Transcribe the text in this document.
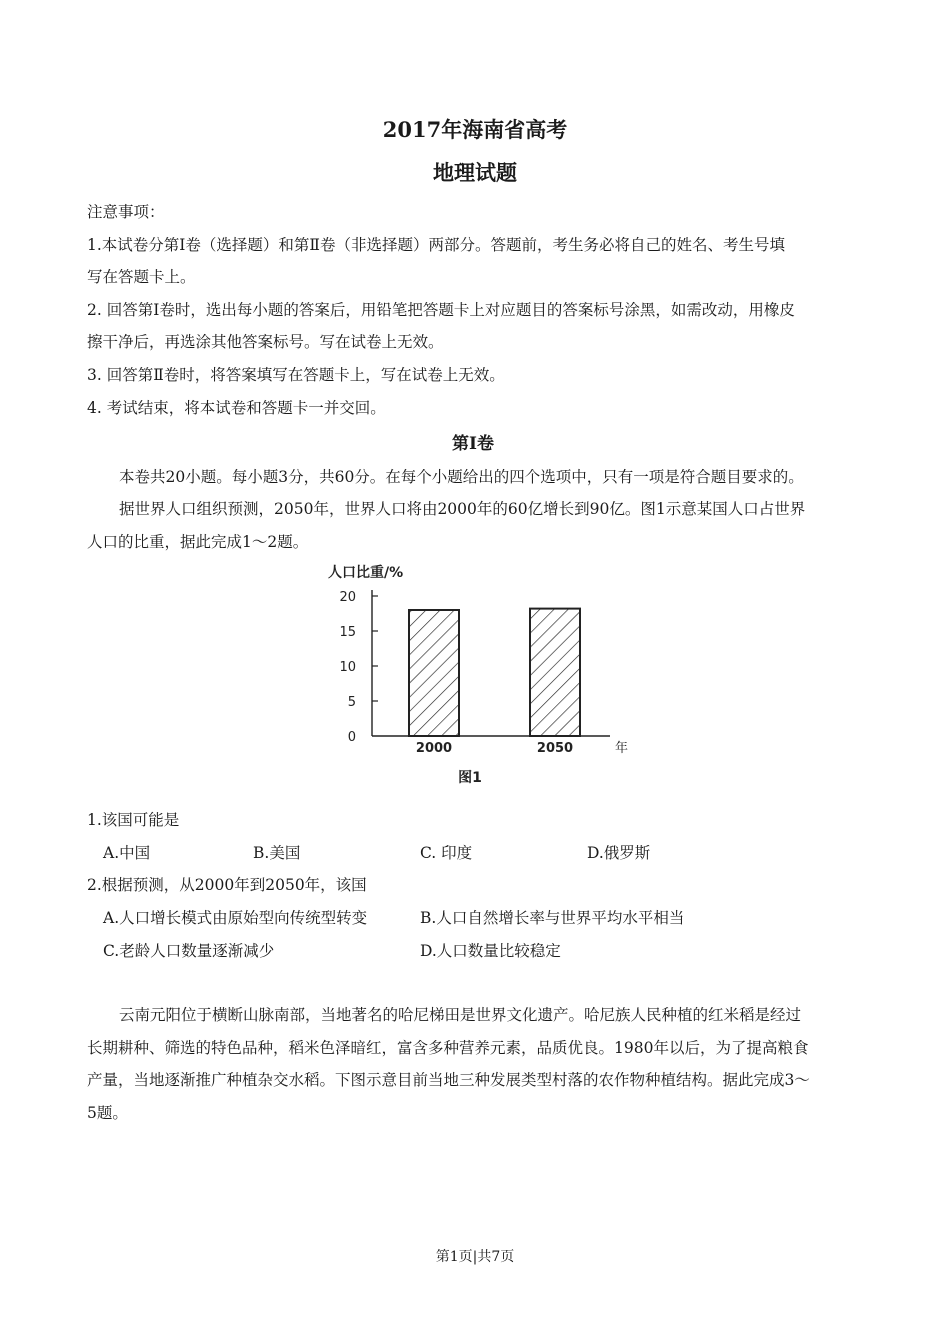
2017年海南省高考
地理试题
注意事项：
1.本试卷分第Ⅰ卷（选择题）和第Ⅱ卷（非选择题）两部分。答题前，考生务必将自己的姓名、考生号填
写在答题卡上。
2. 回答第Ⅰ卷时，选出每小题的答案后，用铅笔把答题卡上对应题目的答案标号涂黑，如需改动，用橡皮
擦干净后，再选涂其他答案标号。写在试卷上无效。
3. 回答第Ⅱ卷时，将答案填写在答题卡上，写在试卷上无效。
4. 考试结束，将本试卷和答题卡一并交回。
第Ⅰ卷
本卷共20小题。每小题3分，共60分。在每个小题给出的四个选项中，只有一项是符合题目要求的。
据世界人口组织预测，2050年，世界人口将由2000年的60亿增长到90亿。图1示意某国人口占世界
人口的比重，据此完成1～2题。
人口比重/%
0
5
10
15
20
2000	2050	年
图1
1.该国可能是
A.中国	B.美国	C. 印度	D.俄罗斯
2.根据预测，从2000年到2050年，该国
A.人口增长模式由原始型向传统型转变	B.人口自然增长率与世界平均水平相当
C.老龄人口数量逐渐减少	D.人口数量比较稳定
云南元阳位于横断山脉南部，当地著名的哈尼梯田是世界文化遗产。哈尼族人民种植的红米稻是经过
长期耕种、筛选的特色品种，稻米色泽暗红，富含多种营养元素，品质优良。1980年以后，为了提高粮食
产量，当地逐渐推广种植杂交水稻。下图示意目前当地三种发展类型村落的农作物种植结构。据此完成3～
5题。
第1页|共7页
